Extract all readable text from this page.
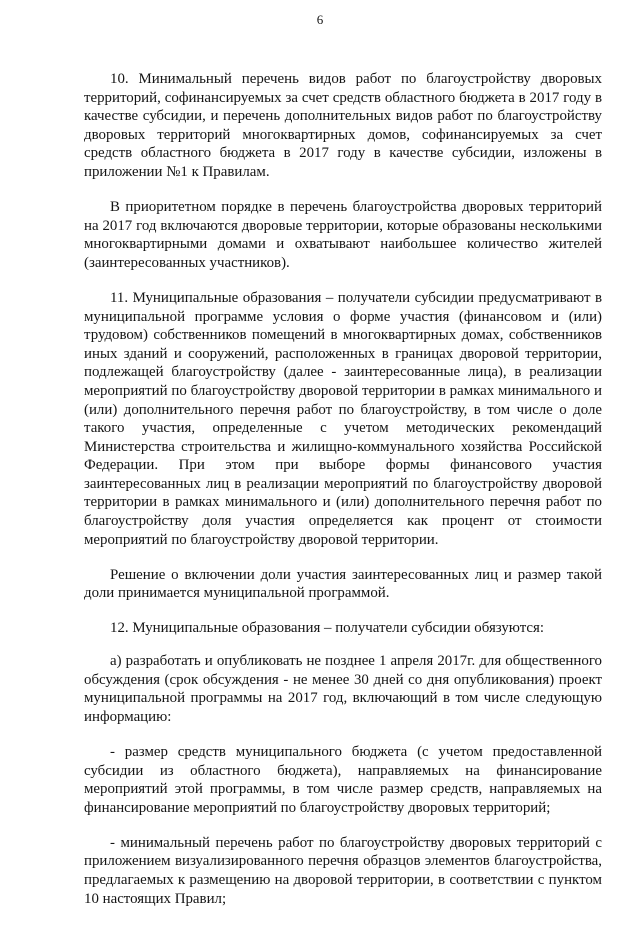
6

10. Минимальный перечень видов работ по благоустройству дворовых территорий, софинансируемых за счет средств областного бюджета в 2017 году в качестве субсидии, и перечень дополнительных видов работ по благоустройству дворовых территорий многоквартирных домов, софинансируемых за счет средств областного бюджета в 2017 году в качестве субсидии, изложены в приложении №1 к Правилам.

В приоритетном порядке в перечень благоустройства дворовых территорий на 2017 год включаются дворовые территории, которые образованы несколькими многоквартирными домами и охватывают наибольшее количество жителей (заинтересованных участников).

11. Муниципальные образования – получатели субсидии предусматривают в муниципальной программе условия о форме участия (финансовом и (или) трудовом) собственников помещений в многоквартирных домах, собственников иных зданий и сооружений, расположенных в границах дворовой территории, подлежащей благоустройству (далее - заинтересованные лица), в реализации мероприятий по благоустройству дворовой территории в рамках минимального и (или) дополнительного перечня работ по благоустройству, в том числе о доле такого участия, определенные с учетом методических рекомендаций Министерства строительства и жилищно-коммунального хозяйства Российской Федерации. При этом при выборе формы финансового участия заинтересованных лиц в реализации мероприятий по благоустройству дворовой территории в рамках минимального и (или) дополнительного перечня работ по благоустройству доля участия определяется как процент от стоимости мероприятий по благоустройству дворовой территории.

Решение о включении доли участия заинтересованных лиц и размер такой доли принимается муниципальной программой.

12. Муниципальные образования – получатели субсидии обязуются:

а) разработать и опубликовать не позднее 1 апреля 2017г. для общественного обсуждения (срок обсуждения - не менее 30 дней со дня опубликования) проект муниципальной программы на 2017 год, включающий в том числе следующую информацию:

- размер средств муниципального бюджета (с учетом предоставленной субсидии из областного бюджета), направляемых на финансирование мероприятий этой программы, в том числе размер средств, направляемых на финансирование мероприятий по благоустройству дворовых территорий;

- минимальный перечень работ по благоустройству дворовых территорий с приложением визуализированного перечня образцов элементов благоустройства, предлагаемых к размещению на дворовой территории, в соответствии с пунктом 10 настоящих Правил;
